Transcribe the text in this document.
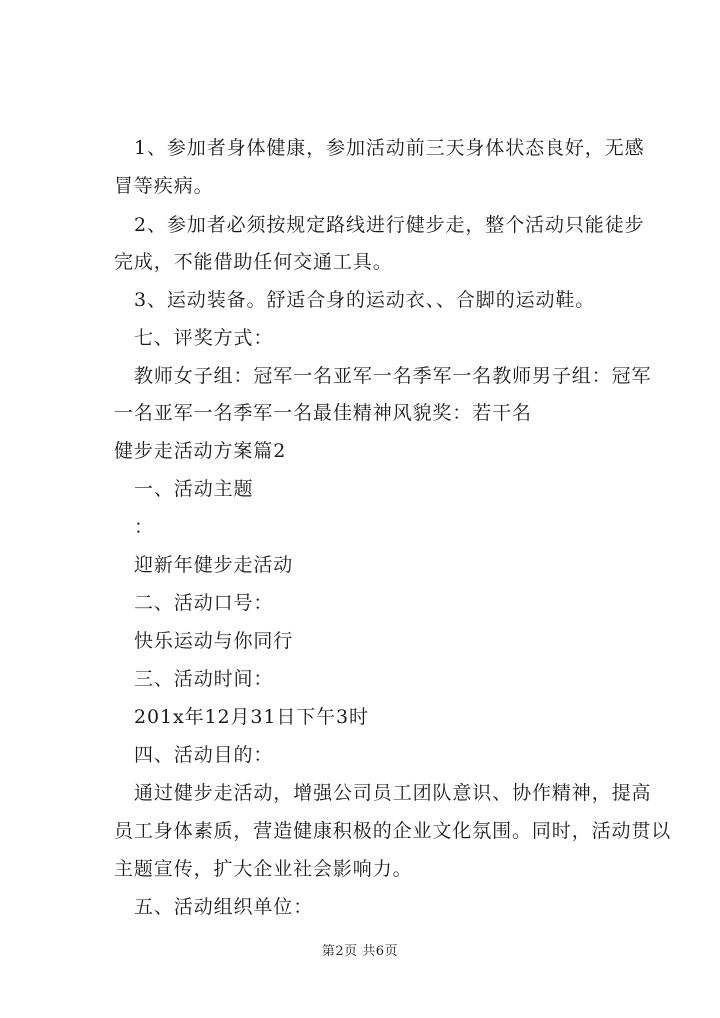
1、参加者身体健康，参加活动前三天身体状态良好，无感
冒等疾病。
2、参加者必须按规定路线进行健步走，整个活动只能徒步
完成，不能借助任何交通工具。
3、运动装备。舒适合身的运动衣、、合脚的运动鞋。
七、评奖方式：
教师女子组：冠军一名亚军一名季军一名教师男子组：冠军
一名亚军一名季军一名最佳精神风貌奖：若干名
健步走活动方案篇2
一、活动主题
：
迎新年健步走活动
二、活动口号：
快乐运动与你同行
三、活动时间：
201x年12月31日下午3时
四、活动目的：
通过健步走活动，增强公司员工团队意识、协作精神，提高
员工身体素质，营造健康积极的企业文化氛围。同时，活动贯以
主题宣传，扩大企业社会影响力。
五、活动组织单位：
第2页 共6页
